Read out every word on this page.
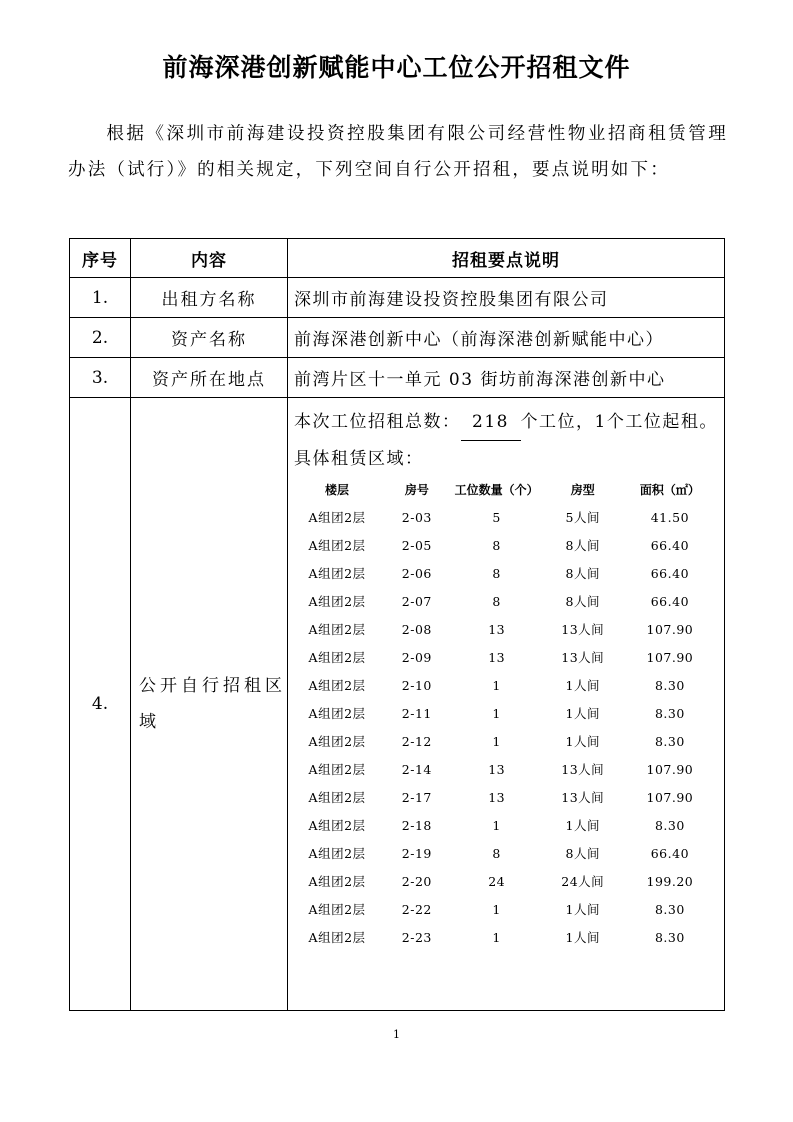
前海深港创新赋能中心工位公开招租文件
根据《深圳市前海建设投资控股集团有限公司经营性物业招商租赁管理办法（试行）》的相关规定，下列空间自行公开招租，要点说明如下：
序号	内容	招租要点说明
1.	出租方名称	深圳市前海建设投资控股集团有限公司
2.	资产名称	前海深港创新中心（前海深港创新赋能中心）
3.	资产所在地点	前湾片区十一单元 03 街坊前海深港创新中心
4.	公开自行招租区域	
本次工位招租总数： 218 个工位，1个工位起租。
具体租赁区域：
楼层	房号	工位数量（个）	房型	面积（㎡）
A组团2层	2-03	5	5人间	41.50
A组团2层	2-05	8	8人间	66.40
A组团2层	2-06	8	8人间	66.40
A组团2层	2-07	8	8人间	66.40
A组团2层	2-08	13	13人间	107.90
A组团2层	2-09	13	13人间	107.90
A组团2层	2-10	1	1人间	8.30
A组团2层	2-11	1	1人间	8.30
A组团2层	2-12	1	1人间	8.30
A组团2层	2-14	13	13人间	107.90
A组团2层	2-17	13	13人间	107.90
A组团2层	2-18	1	1人间	8.30
A组团2层	2-19	8	8人间	66.40
A组团2层	2-20	24	24人间	199.20
A组团2层	2-22	1	1人间	8.30
A组团2层	2-23	1	1人间	8.30
1
